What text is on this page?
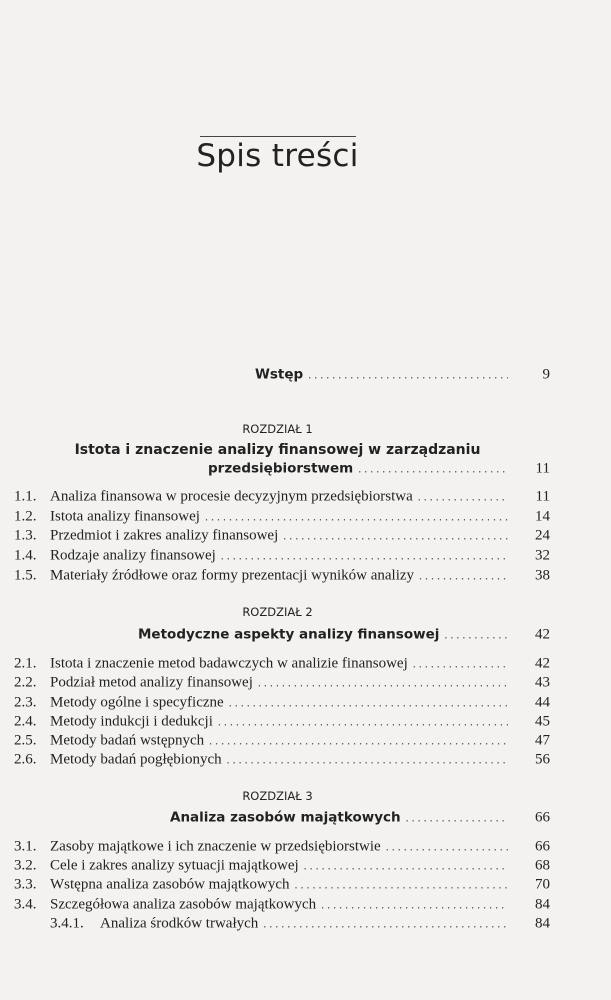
Spis treści
Wstęp . . .	9
ROZDZIAŁ 1
Istota i znaczenie analizy finansowej w zarządzaniu
przedsiębiorstwem . . .	11
1.1. Analiza finansowa w procesie decyzyjnym przedsiębiorstwa . . .	11
1.2. Istota analizy finansowej . . .	14
1.3. Przedmiot i zakres analizy finansowej . . .	24
1.4. Rodzaje analizy finansowej . . .	32
1.5. Materiały źródłowe oraz formy prezentacji wyników analizy . . .	38
ROZDZIAŁ 2
Metodyczne aspekty analizy finansowej . . .	42
2.1. Istota i znaczenie metod badawczych w analizie finansowej . . .	42
2.2. Podział metod analizy finansowej . . .	43
2.3. Metody ogólne i specyficzne . . .	44
2.4. Metody indukcji i dedukcji . . .	45
2.5. Metody badań wstępnych . . .	47
2.6. Metody badań pogłębionych . . .	56
ROZDZIAŁ 3
Analiza zasobów majątkowych . . .	66
3.1. Zasoby majątkowe i ich znaczenie w przedsiębiorstwie . . .	66
3.2. Cele i zakres analizy sytuacji majątkowej . . .	68
3.3. Wstępna analiza zasobów majątkowych . . .	70
3.4. Szczegółowa analiza zasobów majątkowych . . .	84
3.4.1.	Analiza środków trwałych . . .	84
